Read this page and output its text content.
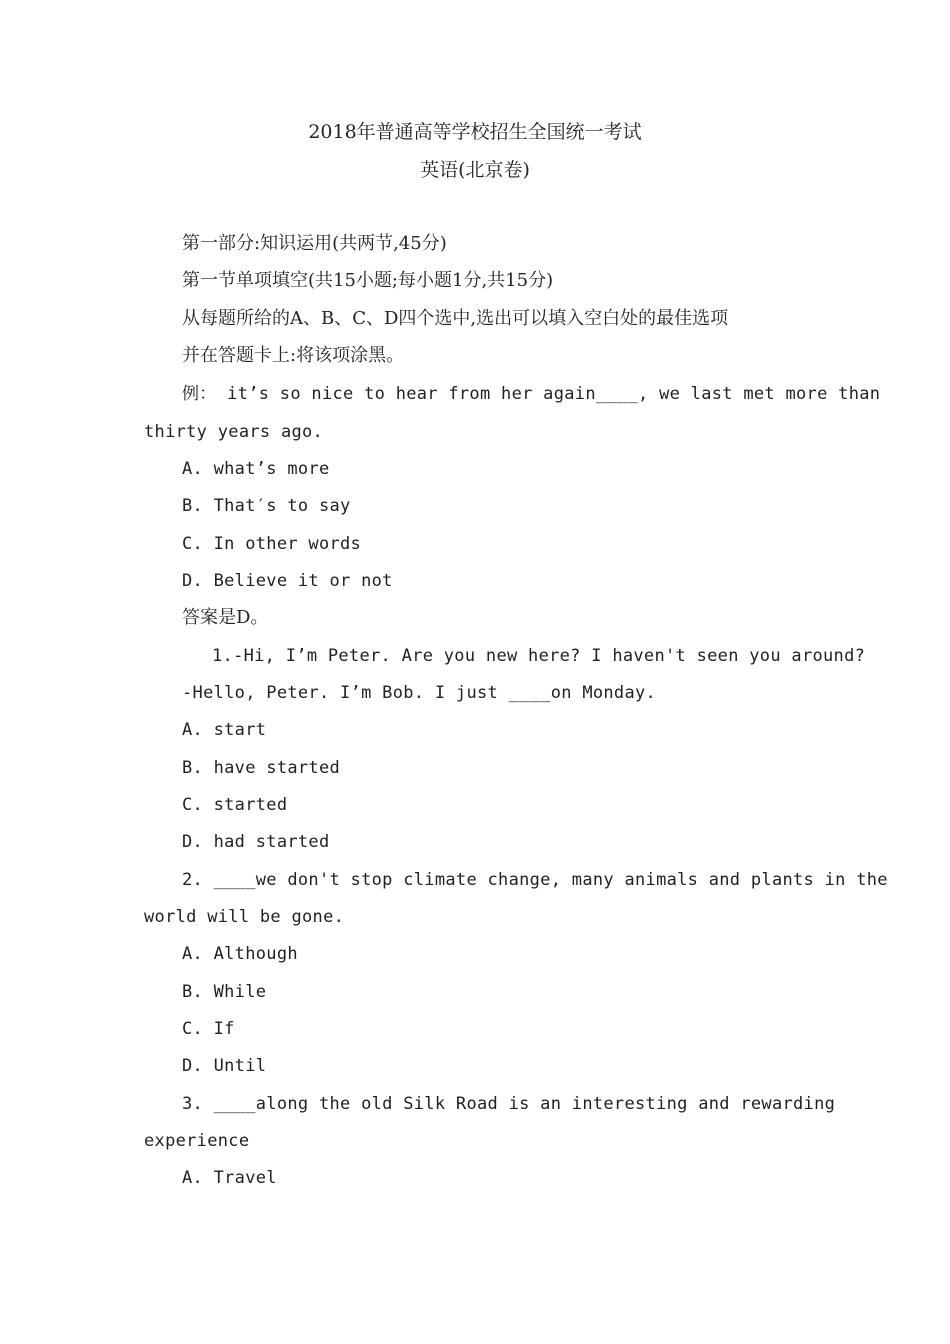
2018年普通高等学校招生全国统一考试
英语(北京卷)
第一部分:知识运用(共两节,45分)
第一节单项填空(共15小题;每小题1分,共15分)
从每题所给的A、B、C、D四个选中,选出可以填入空白处的最佳选项
并在答题卡上:将该项涂黑。
例： it’s so nice to hear from her again____, we last met more than
thirty years ago.
A. what’s more
B. That′s to say
C. In other words
D. Believe it or not
答案是D。
1.-Hi, I’m Peter. Are you new here? I haven't seen you around?
-Hello, Peter. I’m Bob. I just ____on Monday.
A. start
B. have started
C. started
D. had started
2. ____we don't stop climate change, many animals and plants in the
world will be gone.
A. Although
B. While
C. If
D. Until
3. ____along the old Silk Road is an interesting and rewarding
experience
A. Travel
